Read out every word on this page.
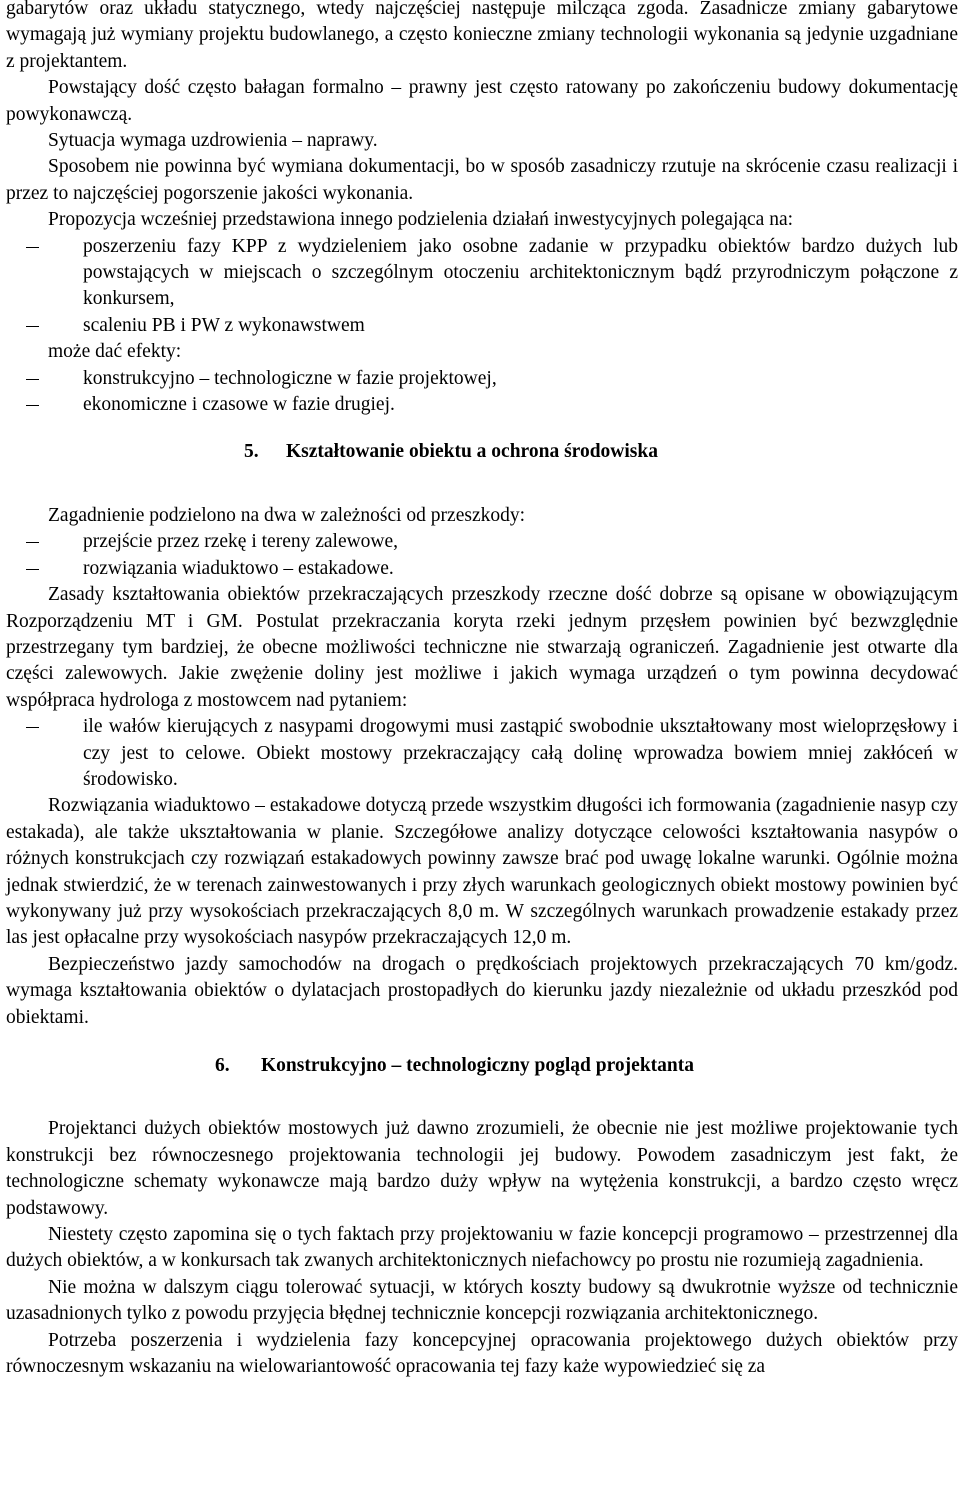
gabarytów oraz układu statycznego, wtedy najczęściej następuje milcząca zgoda. Zasadnicze zmiany gabarytowe wymagają już wymiany projektu budowlanego, a często konieczne zmiany technologii wykonania są jedynie uzgadniane z projektantem.

Powstający dość często bałagan formalno – prawny jest często ratowany po zakończeniu budowy dokumentację powykonawczą.

Sytuacja wymaga uzdrowienia – naprawy.

Sposobem nie powinna być wymiana dokumentacji, bo w sposób zasadniczy rzutuje na skrócenie czasu realizacji i przez to najczęściej pogorszenie jakości wykonania.

Propozycja wcześniej przedstawiona innego podzielenia działań inwestycyjnych polegająca na:

poszerzeniu fazy KPP z wydzieleniem jako osobne zadanie w przypadku obiektów bardzo dużych lub powstających w miejscach o szczególnym otoczeniu architektonicznym bądź przyrodniczym połączone z konkursem,
scaleniu PB i PW z wykonawstwem

może dać efekty:

konstrukcyjno – technologiczne w fazie projektowej,
ekonomiczne i czasowe w fazie drugiej.

5. Kształtowanie obiektu a ochrona środowiska

Zagadnienie podzielono na dwa w zależności od przeszkody:

przejście przez rzekę i tereny zalewowe,
rozwiązania wiaduktowo – estakadowe.

Zasady kształtowania obiektów przekraczających przeszkody rzeczne dość dobrze są opisane w obowiązującym Rozporządzeniu MT i GM. Postulat przekraczania koryta rzeki jednym przęsłem powinien być bezwzględnie przestrzegany tym bardziej, że obecne możliwości techniczne nie stwarzają ograniczeń. Zagadnienie jest otwarte dla części zalewowych. Jakie zwężenie doliny jest możliwe i jakich wymaga urządzeń o tym powinna decydować współpraca hydrologa z mostowcem nad pytaniem:

ile wałów kierujących z nasypami drogowymi musi zastąpić swobodnie ukształtowany most wieloprzęsłowy i czy jest to celowe. Obiekt mostowy przekraczający całą dolinę wprowadza bowiem mniej zakłóceń w środowisko.

Rozwiązania wiaduktowo – estakadowe dotyczą przede wszystkim długości ich formowania (zagadnienie nasyp czy estakada), ale także ukształtowania w planie. Szczegółowe analizy dotyczące celowości kształtowania nasypów o różnych konstrukcjach czy rozwiązań estakadowych powinny zawsze brać pod uwagę lokalne warunki. Ogólnie można jednak stwierdzić, że w terenach zainwestowanych i przy złych warunkach geologicznych obiekt mostowy powinien być wykonywany już przy wysokościach przekraczających 8,0 m. W szczególnych warunkach prowadzenie estakady przez las jest opłacalne przy wysokościach nasypów przekraczających 12,0 m.

Bezpieczeństwo jazdy samochodów na drogach o prędkościach projektowych przekraczających 70 km/godz. wymaga kształtowania obiektów o dylatacjach prostopadłych do kierunku jazdy niezależnie od układu przeszkód pod obiektami.

6. Konstrukcyjno – technologiczny pogląd projektanta

Projektanci dużych obiektów mostowych już dawno zrozumieli, że obecnie nie jest możliwe projektowanie tych konstrukcji bez równoczesnego projektowania technologii jej budowy. Powodem zasadniczym jest fakt, że technologiczne schematy wykonawcze mają bardzo duży wpływ na wytężenia konstrukcji, a bardzo często wręcz podstawowy.

Niestety często zapomina się o tych faktach przy projektowaniu w fazie koncepcji programowo – przestrzennej dla dużych obiektów, a w konkursach tak zwanych architektonicznych niefachowcy po prostu nie rozumieją zagadnienia.

Nie można w dalszym ciągu tolerować sytuacji, w których koszty budowy są dwukrotnie wyższe od technicznie uzasadnionych tylko z powodu przyjęcia błędnej technicznie koncepcji rozwiązania architektonicznego.

Potrzeba poszerzenia i wydzielenia fazy koncepcyjnej opracowania projektowego dużych obiektów przy równoczesnym wskazaniu na wielowariantowość opracowania tej fazy każe wypowiedzieć się za
